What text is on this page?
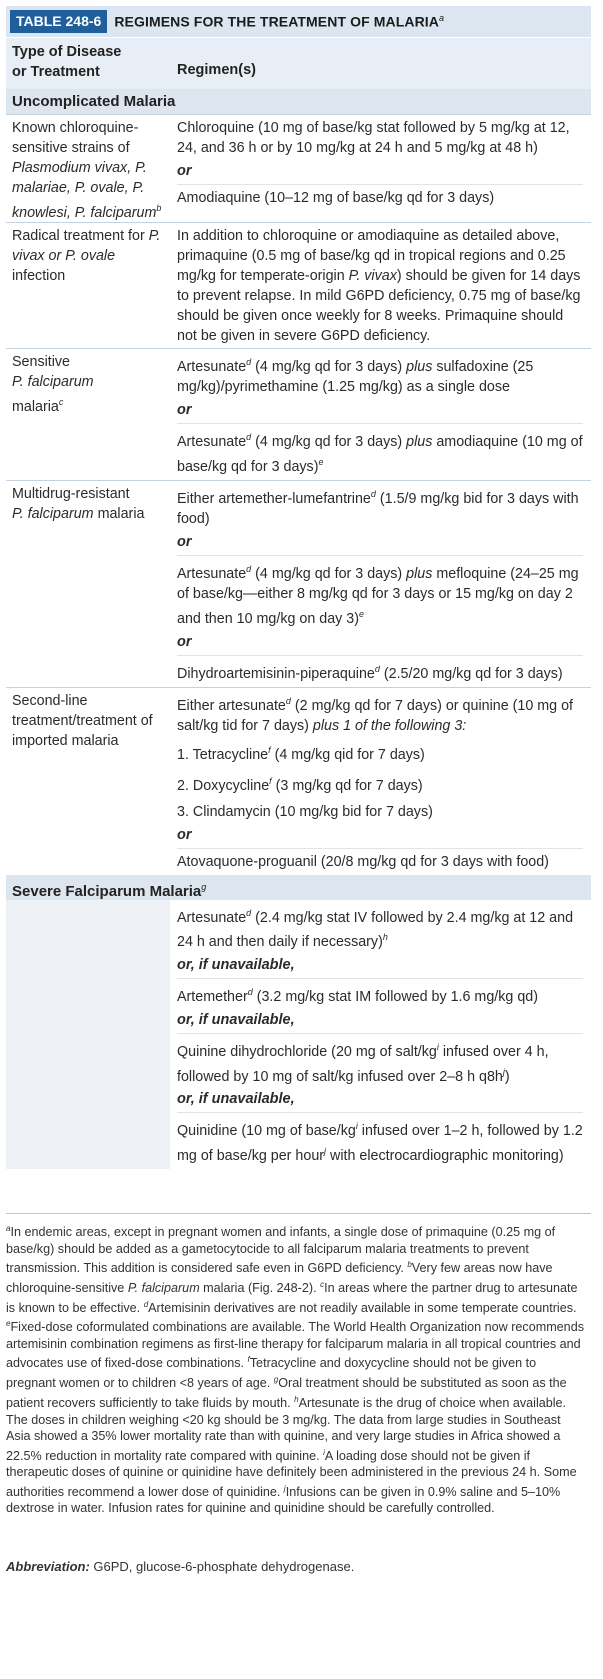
TABLE 248-6 REGIMENS FOR THE TREATMENT OF MALARIA$^a$
Type of Disease
or Treatment	Regimen(s)
Uncomplicated Malaria
Known chloroquine-sensitive strains of Plasmodium vivax, P. malariae, P. ovale, P. knowlesi, P. falciparum$^b$
Chloroquine (10 mg of base/kg stat followed by 5 mg/kg at 12, 24, and 36 h or by 10 mg/kg at 24 h and 5 mg/kg at 48 h)
or
Amodiaquine (10–12 mg of base/kg qd for 3 days)
Radical treatment for P. vivax or P. ovale infection
In addition to chloroquine or amodiaquine as detailed above, primaquine (0.5 mg of base/kg qd in tropical regions and 0.25 mg/kg for temperate-origin P. vivax) should be given for 14 days to prevent relapse. In mild G6PD deficiency, 0.75 mg of base/kg should be given once weekly for 8 weeks. Primaquine should not be given in severe G6PD deficiency.
Sensitive
P. falciparum
malaria$^c$
Artesunate$^d$ (4 mg/kg qd for 3 days) plus sulfadoxine (25 mg/kg)/pyrimethamine (1.25 mg/kg) as a single dose
or
Artesunate$^d$ (4 mg/kg qd for 3 days) plus amodiaquine (10 mg of base/kg qd for 3 days)$^e$
Multidrug-resistant
P. falciparum malaria
Either artemether-lumefantrine$^d$ (1.5/9 mg/kg bid for 3 days with food)
or
Artesunate$^d$ (4 mg/kg qd for 3 days) plus mefloquine (24–25 mg of base/kg—either 8 mg/kg qd for 3 days or 15 mg/kg on day 2 and then 10 mg/kg on day 3)$^e$
or
Dihydroartemisinin-piperaquine$^d$ (2.5/20 mg/kg qd for 3 days)
Second-line treatment/treatment of imported malaria
Either artesunate$^d$ (2 mg/kg qd for 7 days) or quinine (10 mg of salt/kg tid for 7 days) plus 1 of the following 3:
1. Tetracycline$^f$ (4 mg/kg qid for 7 days)
2. Doxycycline$^f$ (3 mg/kg qd for 7 days)
3. Clindamycin (10 mg/kg bid for 7 days)
or
Atovaquone-proguanil (20/8 mg/kg qd for 3 days with food)
Severe Falciparum Malaria$^g$
Artesunate$^d$ (2.4 mg/kg stat IV followed by 2.4 mg/kg at 12 and 24 h and then daily if necessary)$^h$
or, if unavailable,
Artemether$^d$ (3.2 mg/kg stat IM followed by 1.6 mg/kg qd)
or, if unavailable,
Quinine dihydrochloride (20 mg of salt/$kg^i$ infused over 4 h, followed by 10 mg of salt/kg infused over 2–8 h $q8h^j$)
or, if unavailable,
Quinidine (10 mg of base/$kg^i$ infused over 1–2 h, followed by 1.2 mg of base/kg per hour$^j$ with electrocardiographic monitoring)
$^a$In endemic areas, except in pregnant women and infants, a single dose of primaquine (0.25 mg of base/kg) should be added as a gametocytocide to all falciparum malaria treatments to prevent transmission. This addition is considered safe even in G6PD deficiency. $^b$Very few areas now have chloroquine-sensitive P. falciparum malaria (Fig. 248-2). $^c$In areas where the partner drug to artesunate is known to be effective. $^d$Artemisinin derivatives are not readily available in some temperate countries. $^e$Fixed-dose coformulated combinations are available. The World Health Organization now recommends artemisinin combination regimens as first-line therapy for falciparum malaria in all tropical countries and advocates use of fixed-dose combinations. $^f$Tetracycline and doxycycline should not be given to pregnant women or to children <8 years of age. $^g$Oral treatment should be substituted as soon as the patient recovers sufficiently to take fluids by mouth. $^h$Artesunate is the drug of choice when available. The doses in children weighing <20 kg should be 3 mg/kg. The data from large studies in Southeast Asia showed a 35% lower mortality rate than with quinine, and very large studies in Africa showed a 22.5% reduction in mortality rate compared with quinine. $^i$A loading dose should not be given if therapeutic doses of quinine or quinidine have definitely been administered in the previous 24 h. Some authorities recommend a lower dose of quinidine. $^j$Infusions can be given in 0.9% saline and 5–10% dextrose in water. Infusion rates for quinine and quinidine should be carefully controlled.
Abbreviation: G6PD, glucose-6-phosphate dehydrogenase.
